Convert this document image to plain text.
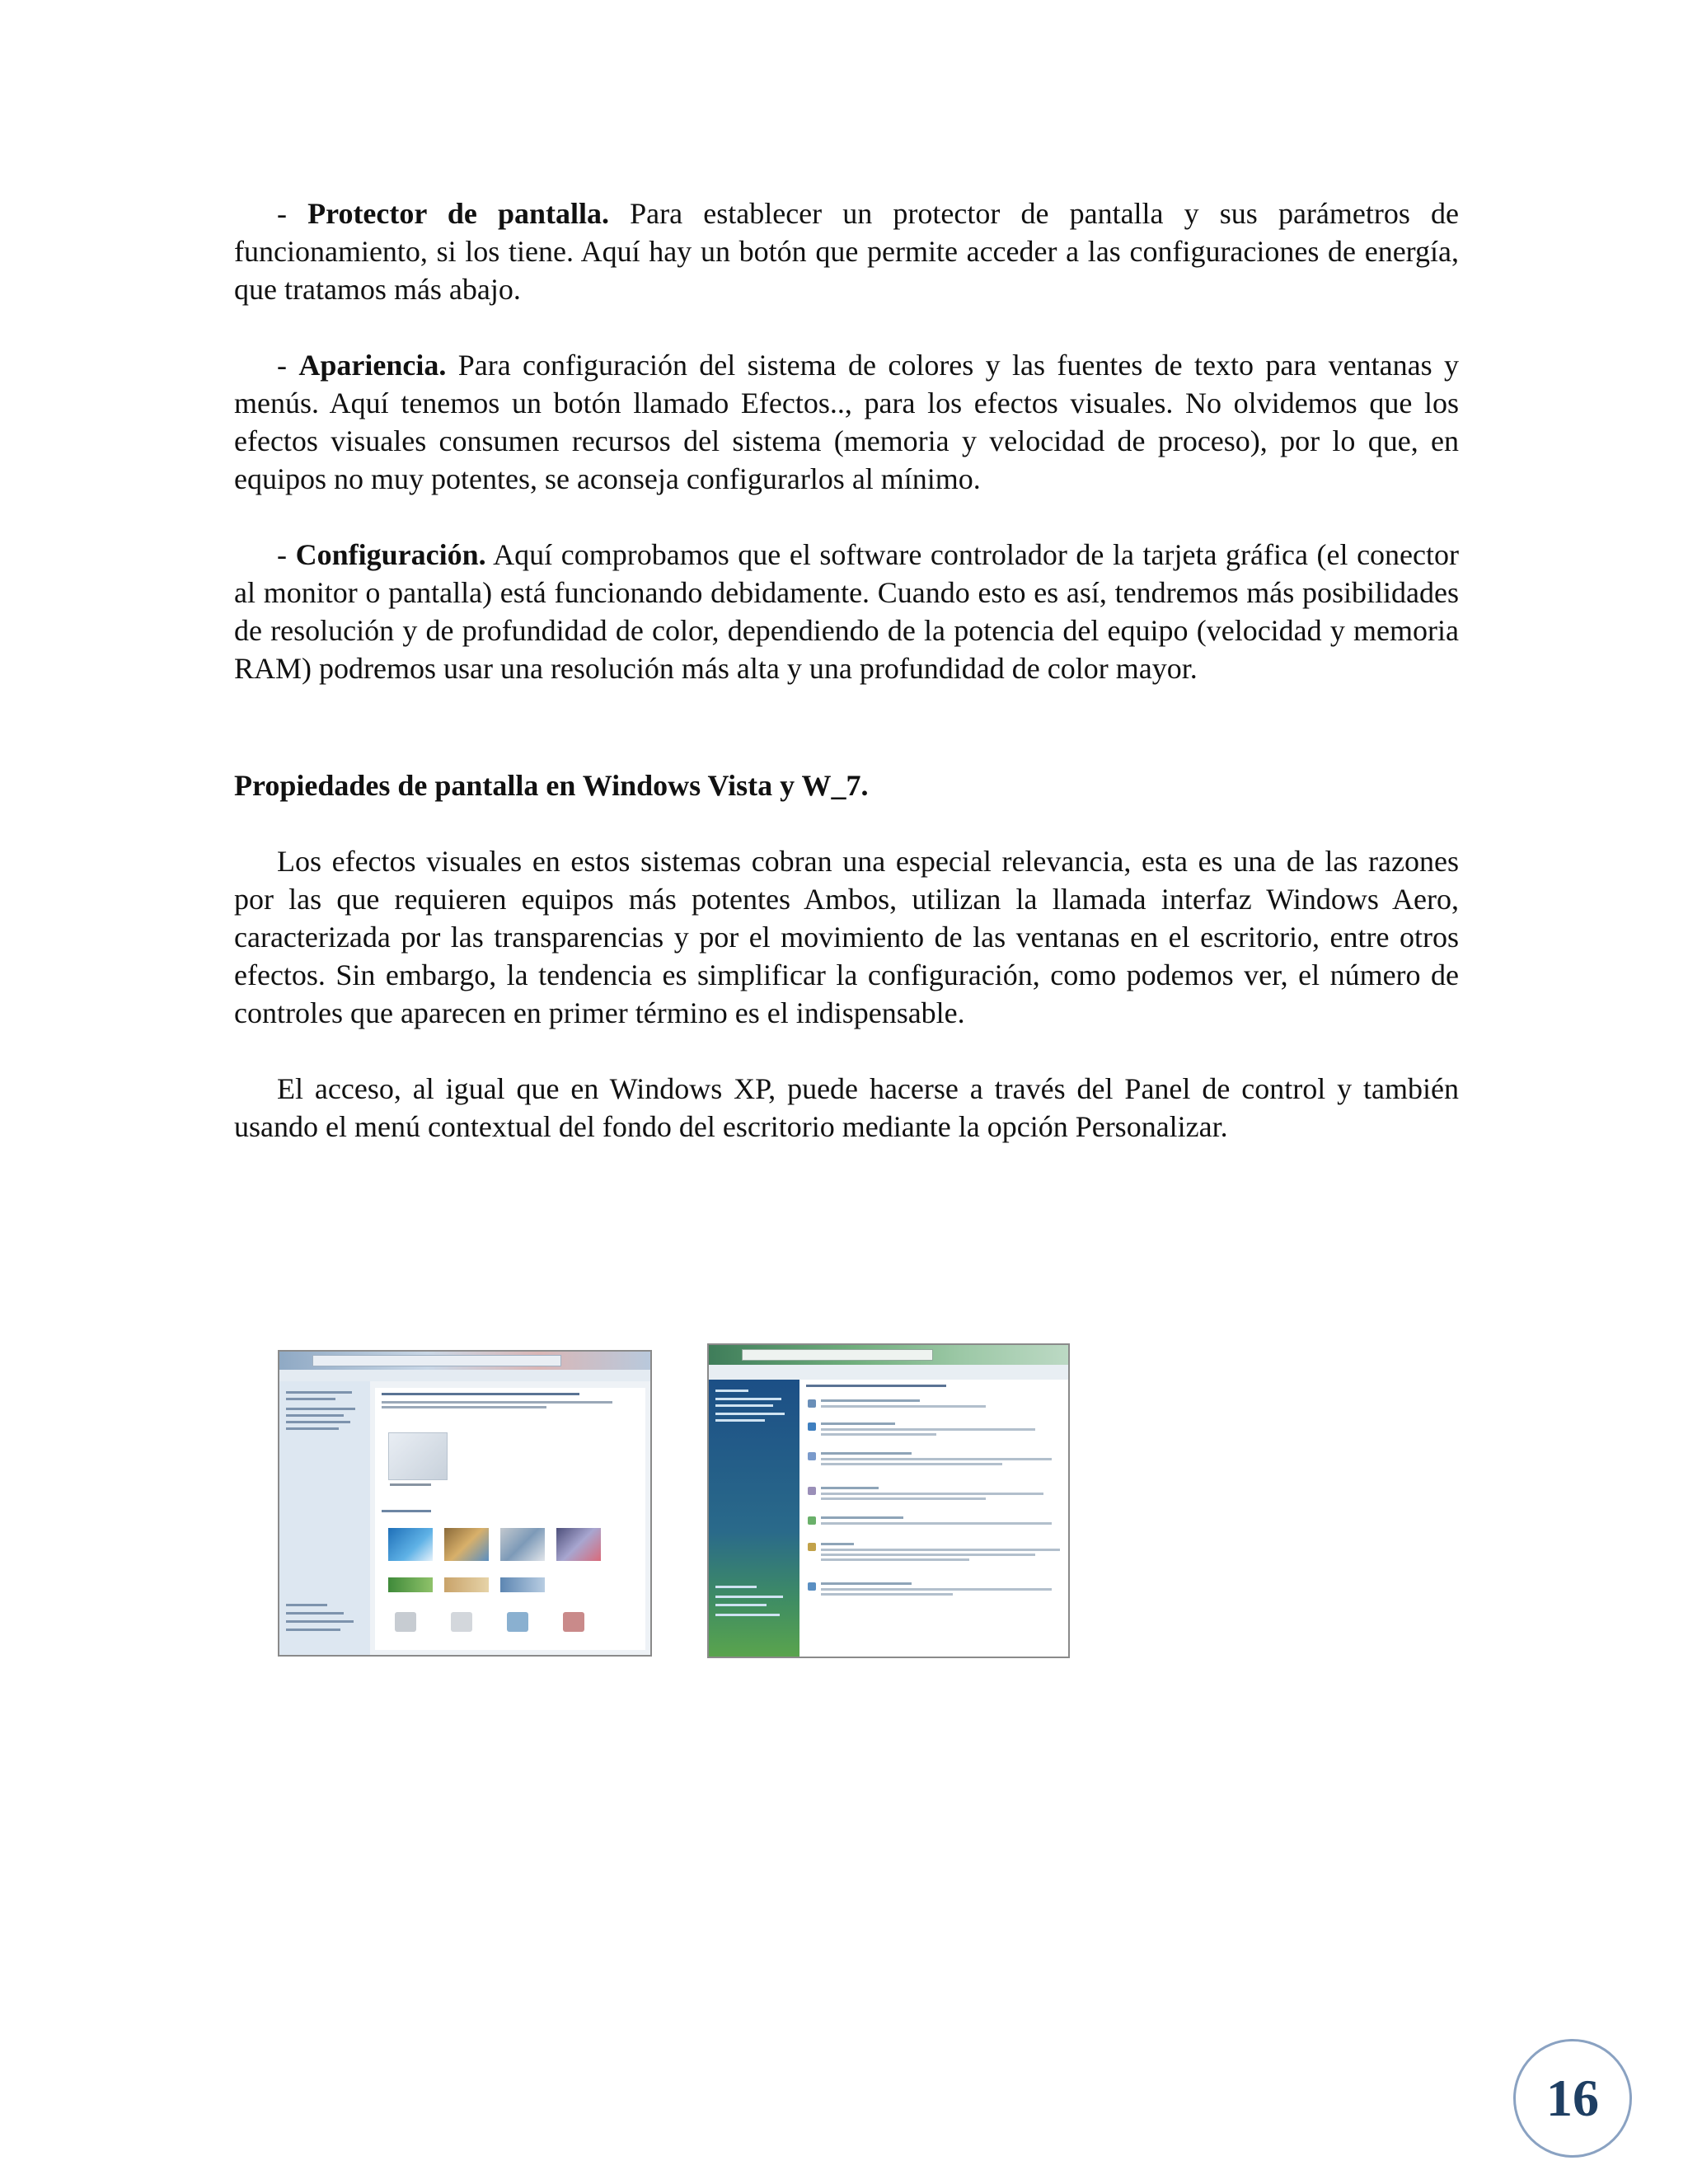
- Protector de pantalla. Para establecer un protector de pantalla y sus parámetros de funcionamiento, si los tiene. Aquí hay un botón que permite acceder a las configuraciones de energía, que tratamos más abajo.

- Apariencia. Para configuración del sistema de colores y las fuentes de texto para ventanas y menús. Aquí tenemos un botón llamado Efectos.., para los efectos visuales. No olvidemos que los efectos visuales consumen recursos del sistema (memoria y velocidad de proceso), por lo que, en equipos no muy potentes, se aconseja configurarlos al mínimo.

- Configuración. Aquí comprobamos que el software controlador de la tarjeta gráfica (el conector al monitor o pantalla) está funcionando debidamente. Cuando esto es así, tendremos más posibilidades de resolución y de profundidad de color, dependiendo de la potencia del equipo (velocidad y memoria RAM) podremos usar una resolución más alta y una profundidad de color mayor.

Propiedades de pantalla en Windows Vista y W_7.

Los efectos visuales en estos sistemas cobran una especial relevancia, esta es una de las razones por las que requieren equipos más potentes Ambos, utilizan la llamada interfaz Windows Aero, caracterizada por las transparencias y por el movimiento de las ventanas en el escritorio, entre otros efectos. Sin embargo, la tendencia es simplificar la configuración, como podemos ver, el número de controles que aparecen en primer término es el indispensable.

El acceso, al igual que en Windows XP, puede hacerse a través del Panel de control y también usando el menú contextual del fondo del escritorio mediante la opción Personalizar.

16
